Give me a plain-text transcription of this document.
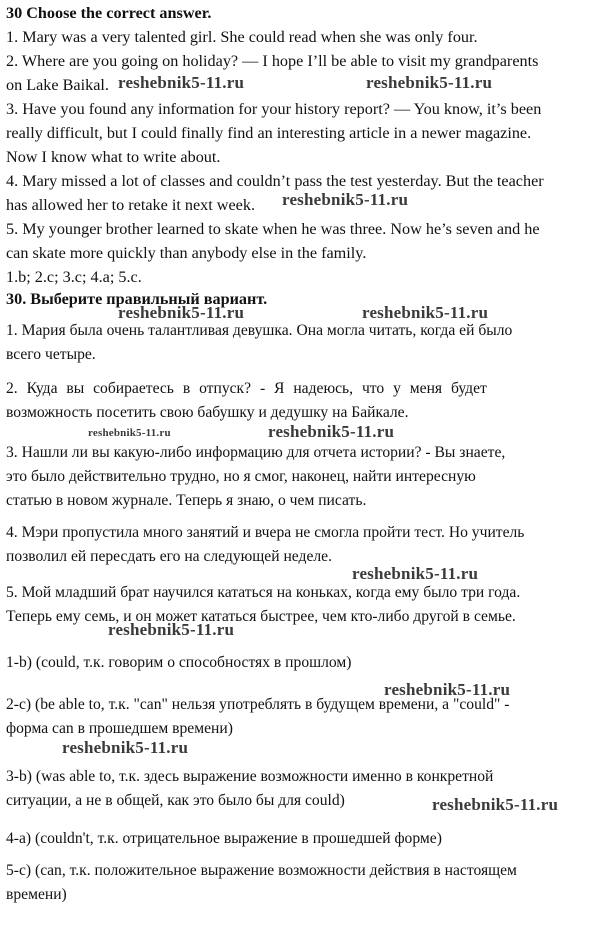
30 Choose the correct answer.
1. Mary was a very talented girl. She could read when she was only four.
2. Where are you going on holiday? — I hope I’ll be able to visit my grandparents
on Lake Baikal.
3. Have you found any information for your history report? — You know, it’s been
really difficult, but I could finally find an interesting article in a newer magazine.
Now I know what to write about.
4. Mary missed a lot of classes and couldn’t pass the test yesterday. But the teacher
has allowed her to retake it next week.
5. My younger brother learned to skate when he was three. Now he’s seven and he
can skate more quickly than anybody else in the family.
1.b; 2.c; 3.c; 4.a; 5.c.
30. Выберите правильный вариант.
1. Мария была очень талантливая девушка. Она могла читать, когда ей было
всего четыре.
2. Куда вы собираетесь в отпуск? - Я надеюсь, что у меня будет
возможность посетить свою бабушку и дедушку на Байкале.
3. Нашли ли вы какую-либо информацию для отчета истории? - Вы знаете,
это было действительно трудно, но я смог, наконец, найти интересную
статью в новом журнале. Теперь я знаю, о чем писать.
4. Мэри пропустила много занятий и вчера не смогла пройти тест. Но учитель
позволил ей пересдать его на следующей неделе.
5. Мой младший брат научился кататься на коньках, когда ему было три года.
Теперь ему семь, и он может кататься быстрее, чем кто-либо другой в семье.
1-b) (could, т.к. говорим о способностях в прошлом)
2-c) (be able to, т.к. "can" нельзя употреблять в будущем времени, а "could" -
форма can в прошедшем времени)
3-b) (was able to, т.к. здесь выражение возможности именно в конкретной
ситуации, а не в общей, как это было бы для could)
4-a) (couldn't, т.к. отрицательное выражение в прошедшей форме)
5-c) (can, т.к. положительное выражение возможности действия в настоящем
времени)
reshebnik5-11.ru	reshebnik5-11.ru
reshebnik5-11.ru
reshebnik5-11.ru	reshebnik5-11.ru
reshebnik5-11.ru	reshebnik5-11.ru
reshebnik5-11.ru
reshebnik5-11.ru
reshebnik5-11.ru
reshebnik5-11.ru
reshebnik5-11.ru
